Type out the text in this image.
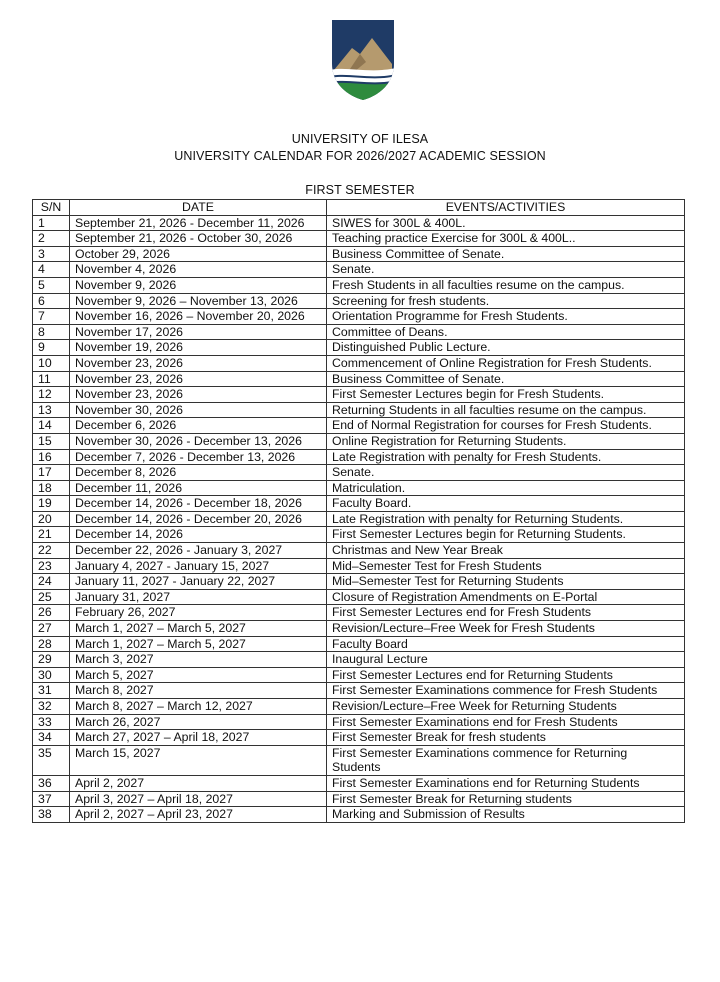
UNIVERSITY OF ILESA
UNIVERSITY CALENDAR FOR 2026/2027 ACADEMIC SESSION
FIRST SEMESTER
S/N	DATE	EVENTS/ACTIVITIES
1	September 21, 2026 - December 11, 2026	SIWES for 300L & 400L.
2	September 21, 2026 - October 30, 2026	Teaching practice Exercise for 300L & 400L..
3	October 29, 2026	Business Committee of Senate.
4	November 4, 2026	Senate.
5	November 9, 2026	Fresh Students in all faculties resume on the campus.
6	November 9, 2026 – November 13, 2026	Screening for fresh students.
7	November 16, 2026 – November 20, 2026	Orientation Programme for Fresh Students.
8	November 17, 2026	Committee of Deans.
9	November 19, 2026	Distinguished Public Lecture.
10	November 23, 2026	Commencement of Online Registration for Fresh Students.
11	November 23, 2026	Business Committee of Senate.
12	November 23, 2026	First Semester Lectures begin for Fresh Students.
13	November 30, 2026	Returning Students in all faculties resume on the campus.
14	December 6, 2026	End of Normal Registration for courses for Fresh Students.
15	November 30, 2026 - December 13, 2026	Online Registration for Returning Students.
16	December 7, 2026 - December 13, 2026	Late Registration with penalty for Fresh Students.
17	December 8, 2026	Senate.
18	December 11, 2026	Matriculation.
19	December 14, 2026 - December 18, 2026	Faculty Board.
20	December 14, 2026 - December 20, 2026	Late Registration with penalty for Returning Students.
21	December 14, 2026	First Semester Lectures begin for Returning Students.
22	December 22, 2026 - January 3, 2027	Christmas and New Year Break
23	January 4, 2027 - January 15, 2027	Mid–Semester Test for Fresh Students
24	January 11, 2027 - January 22, 2027	Mid–Semester Test for Returning Students
25	January 31, 2027	Closure of Registration Amendments on E-Portal
26	February 26, 2027	First Semester Lectures end for Fresh Students
27	March 1, 2027 – March 5, 2027	Revision/Lecture–Free Week for Fresh Students
28	March 1, 2027 – March 5, 2027	Faculty Board
29	March 3, 2027	Inaugural Lecture
30	March 5, 2027	First Semester Lectures end for Returning Students
31	March 8, 2027	First Semester Examinations commence for Fresh Students
32	March 8, 2027 – March 12, 2027	Revision/Lecture–Free Week for Returning Students
33	March 26, 2027	First Semester Examinations end for Fresh Students
34	March 27, 2027 – April 18, 2027	First Semester Break for fresh students
35	March 15, 2027	First Semester Examinations commence for Returning Students
36	April 2, 2027	First Semester Examinations end for Returning Students
37	April 3, 2027 – April 18, 2027	First Semester Break for Returning students
38	April 2, 2027 – April 23, 2027	Marking and Submission of Results
